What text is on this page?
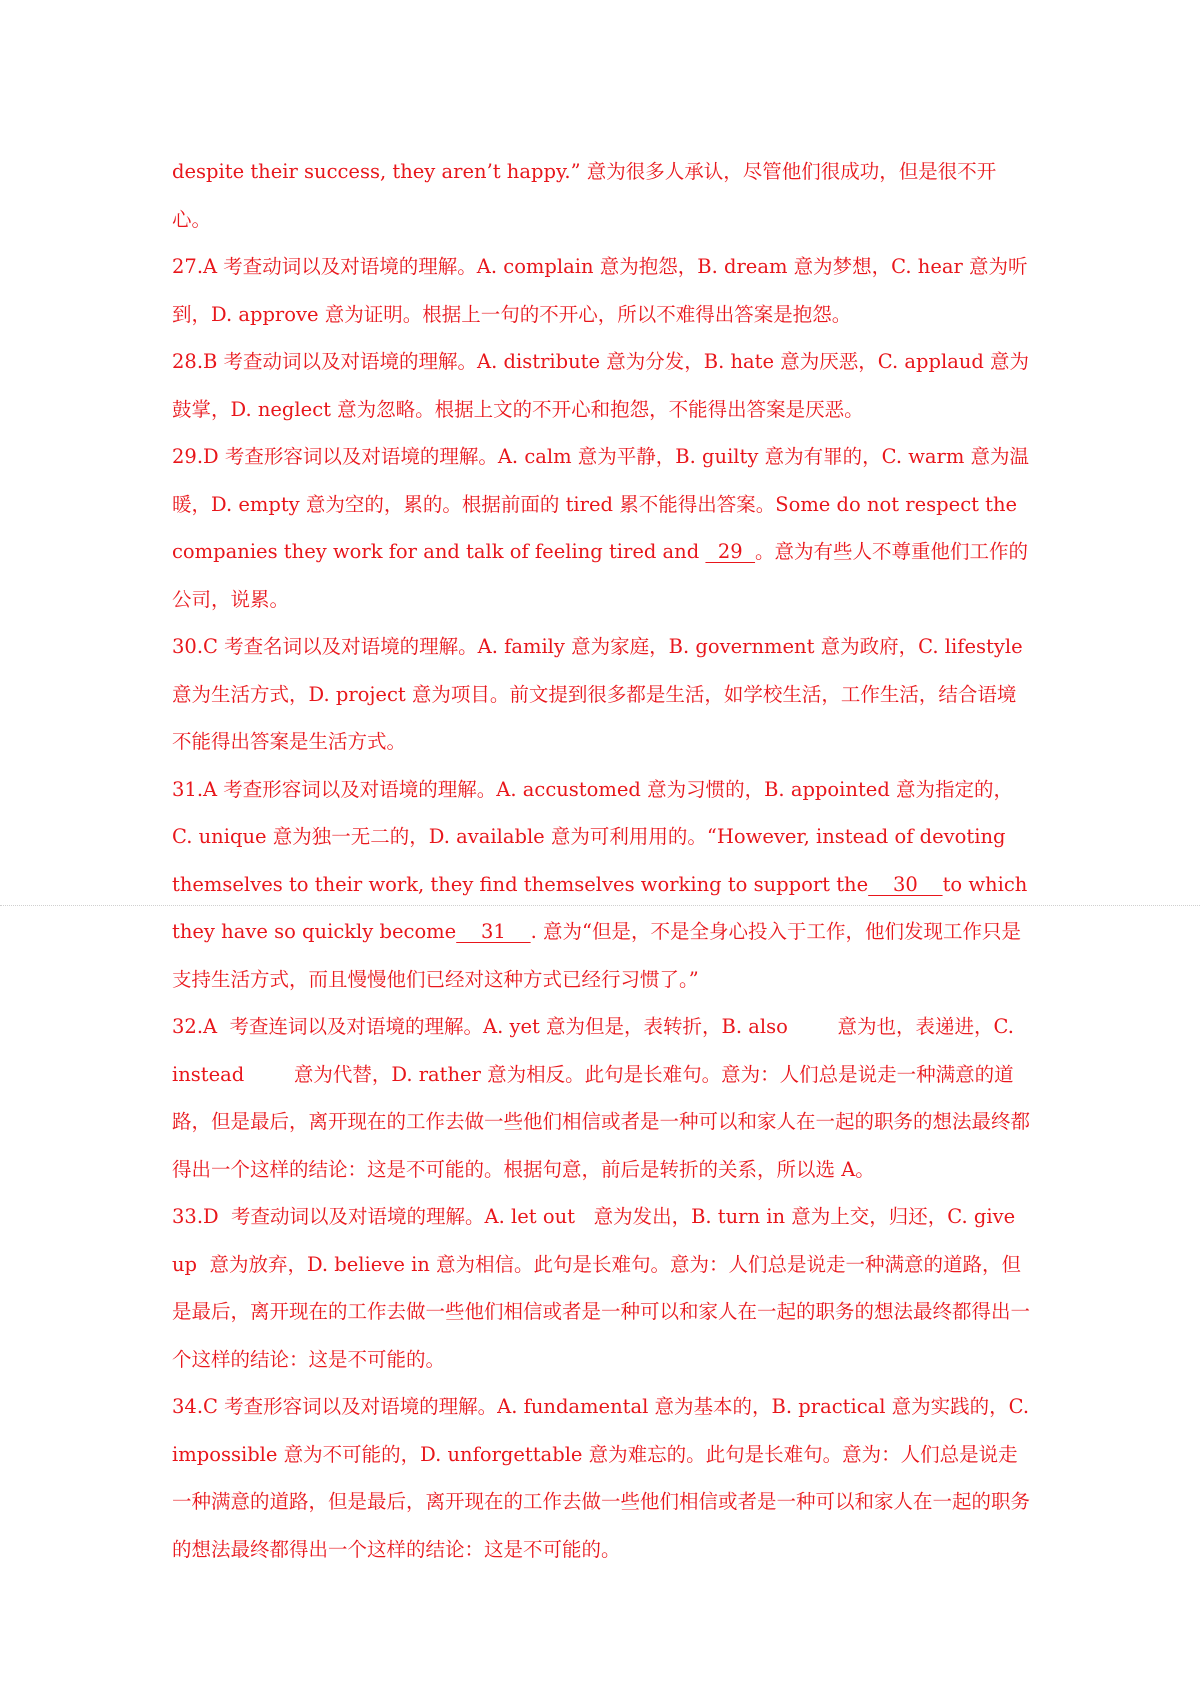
despite their success, they aren’t happy.” 意为很多人承认，尽管他们很成功，但是很不开心。

27.A 考查动词以及对语境的理解。A. complain 意为抱怨，B. dream 意为梦想，C. hear 意为听到，D. approve 意为证明。根据上一句的不开心，所以不难得出答案是抱怨。

28.B 考查动词以及对语境的理解。A. distribute 意为分发，B. hate 意为厌恶，C. applaud 意为鼓掌，D. neglect 意为忽略。根据上文的不开心和抱怨，不能得出答案是厌恶。

29.D 考查形容词以及对语境的理解。A. calm 意为平静，B. guilty 意为有罪的，C. warm 意为温暖，D. empty 意为空的，累的。根据前面的 tired 累不能得出答案。Some do not respect the companies they work for and talk of feeling tired and   29  。意为有些人不尊重他们工作的公司，说累。

30.C 考查名词以及对语境的理解。A. family 意为家庭，B. government 意为政府，C. lifestyle 意为生活方式，D. project 意为项目。前文提到很多都是生活，如学校生活，工作生活，结合语境不能得出答案是生活方式。

31.A 考查形容词以及对语境的理解。A. accustomed 意为习惯的，B. appointed 意为指定的，C. unique 意为独一无二的，D. available 意为可利用用的。“However, instead of devoting themselves to their work, they find themselves working to support the    30    to which they have so quickly become    31    . 意为“但是，不是全身心投入于工作，他们发现工作只是支持生活方式，而且慢慢他们已经对这种方式已经行习惯了。”

32.A  考查连词以及对语境的理解。A. yet 意为但是，表转折，B. also        意为也，表递进，C. instead        意为代替，D. rather 意为相反。此句是长难句。意为：人们总是说走一种满意的道路，但是最后，离开现在的工作去做一些他们相信或者是一种可以和家人在一起的职务的想法最终都得出一个这样的结论：这是不可能的。根据句意，前后是转折的关系，所以选 A。

33.D  考查动词以及对语境的理解。A. let out   意为发出，B. turn in 意为上交，归还，C. give up  意为放弃，D. believe in 意为相信。此句是长难句。意为：人们总是说走一种满意的道路，但是最后，离开现在的工作去做一些他们相信或者是一种可以和家人在一起的职务的想法最终都得出一个这样的结论：这是不可能的。

34.C 考查形容词以及对语境的理解。A. fundamental 意为基本的，B. practical 意为实践的，C. impossible 意为不可能的，D. unforgettable 意为难忘的。此句是长难句。意为：人们总是说走一种满意的道路，但是最后，离开现在的工作去做一些他们相信或者是一种可以和家人在一起的职务的想法最终都得出一个这样的结论：这是不可能的。
